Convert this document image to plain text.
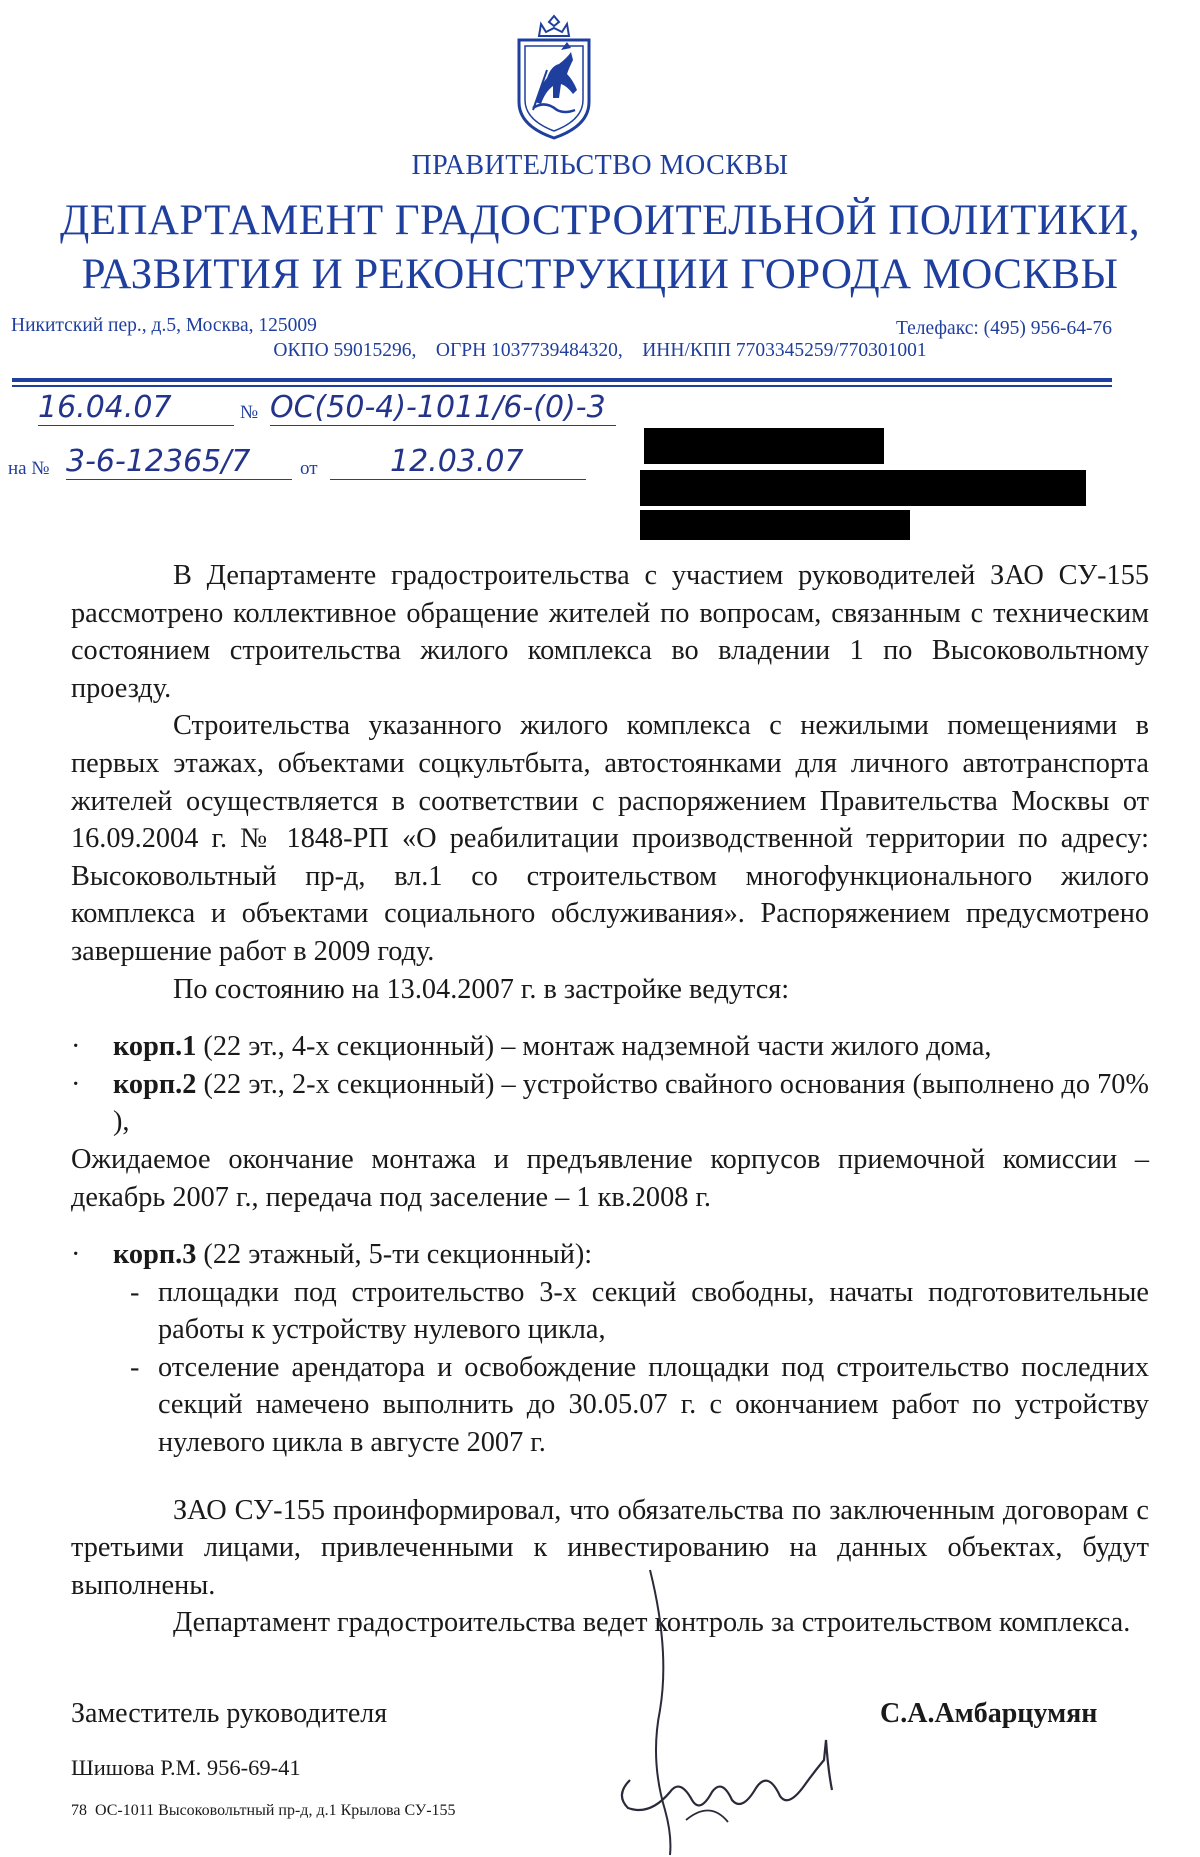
ПРАВИТЕЛЬСТВО МОСКВЫ
ДЕПАРТАМЕНТ ГРАДОСТРОИТЕЛЬНОЙ ПОЛИТИКИ,
РАЗВИТИЯ И РЕКОНСТРУКЦИИ ГОРОДА МОСКВЫ
Никитский пер., д.5, Москва, 125009	Телефакс: (495) 956-64-76
ОКПО 59015296,    ОГРН 1037739484320,    ИНН/КПП 7703345259/770301001
16.04.07	№ ОС(50-4)-1011/6-(0)-3
на № 3-6-12365/7	от	12.03.07

В Департаменте градостроительства с участием руководителей ЗАО СУ-155 рассмотрено коллективное обращение жителей по вопросам, связанным с техническим состоянием строительства жилого комплекса во владении 1 по Высоковольтному проезду.

Строительства указанного жилого комплекса с нежилыми помещениями в первых этажах, объектами соцкультбыта, автостоянками для личного автотранспорта жителей осуществляется в соответствии с распоряжением Правительства Москвы от 16.09.2004 г. № 1848-РП «О реабилитации производственной территории по адресу: Высоковольтный пр-д, вл.1 со строительством многофункционального жилого комплекса и объектами социального обслуживания». Распоряжением предусмотрено завершение работ в 2009 году.

По состоянию на 13.04.2007 г. в застройке ведутся:

· корп.1 (22 эт., 4-х секционный) – монтаж надземной части жилого дома,

· корп.2 (22 эт., 2-х секционный) – устройство свайного основания (выполнено до 70% ),

Ожидаемое окончание монтажа и предъявление корпусов приемочной комиссии – декабрь 2007 г., передача под заселение – 1 кв.2008 г.

· корп.3 (22 этажный, 5-ти секционный):

- площадки под строительство 3-х секций свободны, начаты подготовительные работы к устройству нулевого цикла,

- отселение арендатора и освобождение площадки под строительство последних секций намечено выполнить до 30.05.07 г. с окончанием работ по устройству нулевого цикла в августе 2007 г.

ЗАО СУ-155 проинформировал, что обязательства по заключенным договорам с третьими лицами, привлеченными к инвестированию на данных объектах, будут выполнены.

Департамент градостроительства ведет контроль за строительством комплекса.

Заместитель руководителя	С.А.Амбарцумян
Шишова Р.М. 956-69-41
78  ОС-1011 Высоковольтный пр-д, д.1 Крылова СУ-155
